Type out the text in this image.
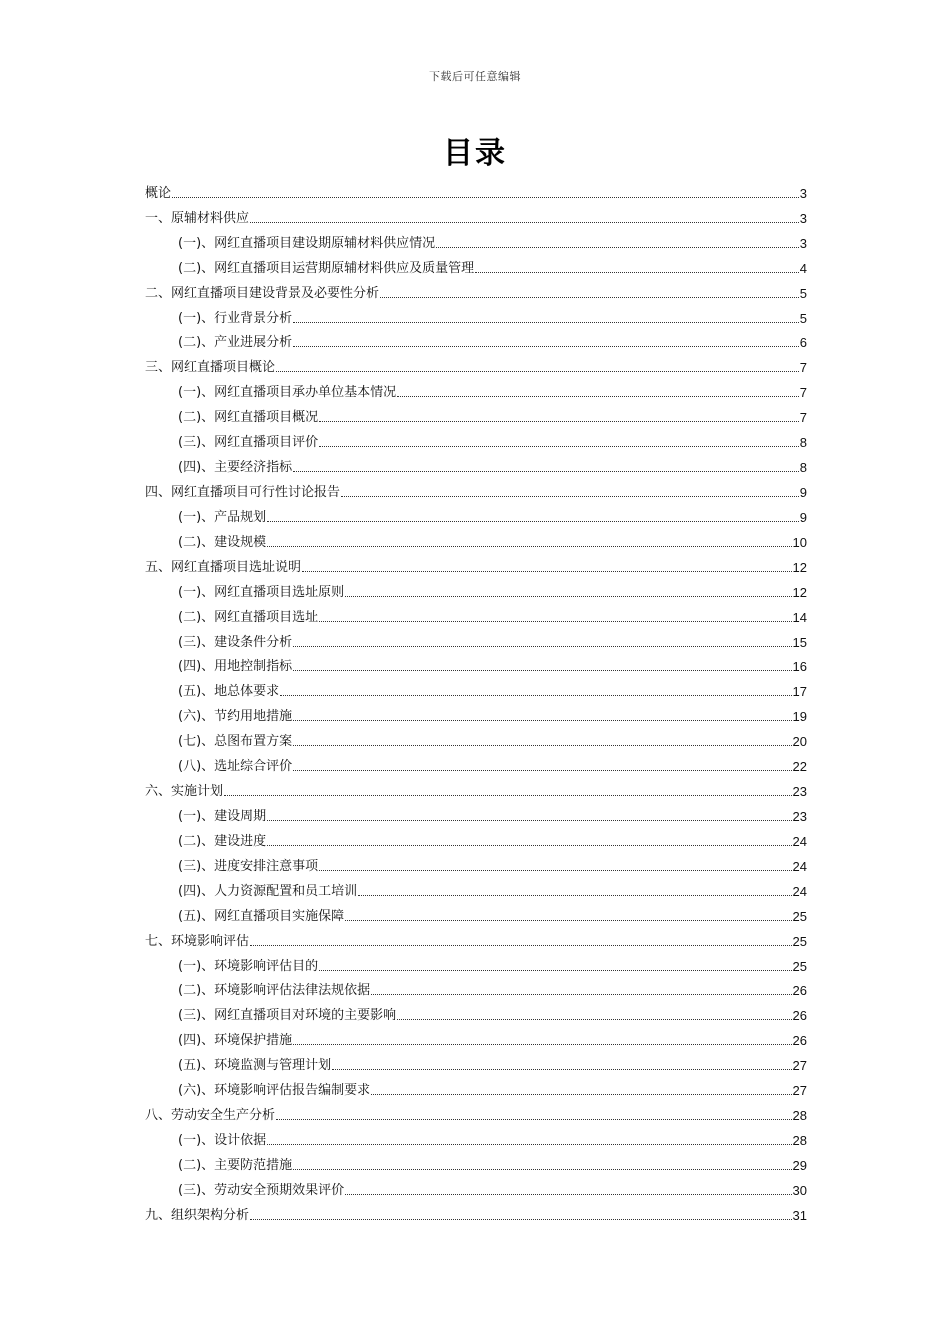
下载后可任意编辑
目录
概论	3
一、原辅材料供应	3
(一)、网红直播项目建设期原辅材料供应情况	3
(二)、网红直播项目运营期原辅材料供应及质量管理	4
二、网红直播项目建设背景及必要性分析	5
(一)、行业背景分析	5
(二)、产业进展分析	6
三、网红直播项目概论	7
(一)、网红直播项目承办单位基本情况	7
(二)、网红直播项目概况	7
(三)、网红直播项目评价	8
(四)、主要经济指标	8
四、网红直播项目可行性讨论报告	9
(一)、产品规划	9
(二)、建设规模	10
五、网红直播项目选址说明	12
(一)、网红直播项目选址原则	12
(二)、网红直播项目选址	14
(三)、建设条件分析	15
(四)、用地控制指标	16
(五)、地总体要求	17
(六)、节约用地措施	19
(七)、总图布置方案	20
(八)、选址综合评价	22
六、实施计划	23
(一)、建设周期	23
(二)、建设进度	24
(三)、进度安排注意事项	24
(四)、人力资源配置和员工培训	24
(五)、网红直播项目实施保障	25
七、环境影响评估	25
(一)、环境影响评估目的	25
(二)、环境影响评估法律法规依据	26
(三)、网红直播项目对环境的主要影响	26
(四)、环境保护措施	26
(五)、环境监测与管理计划	27
(六)、环境影响评估报告编制要求	27
八、劳动安全生产分析	28
(一)、设计依据	28
(二)、主要防范措施	29
(三)、劳动安全预期效果评价	30
九、组织架构分析	31
